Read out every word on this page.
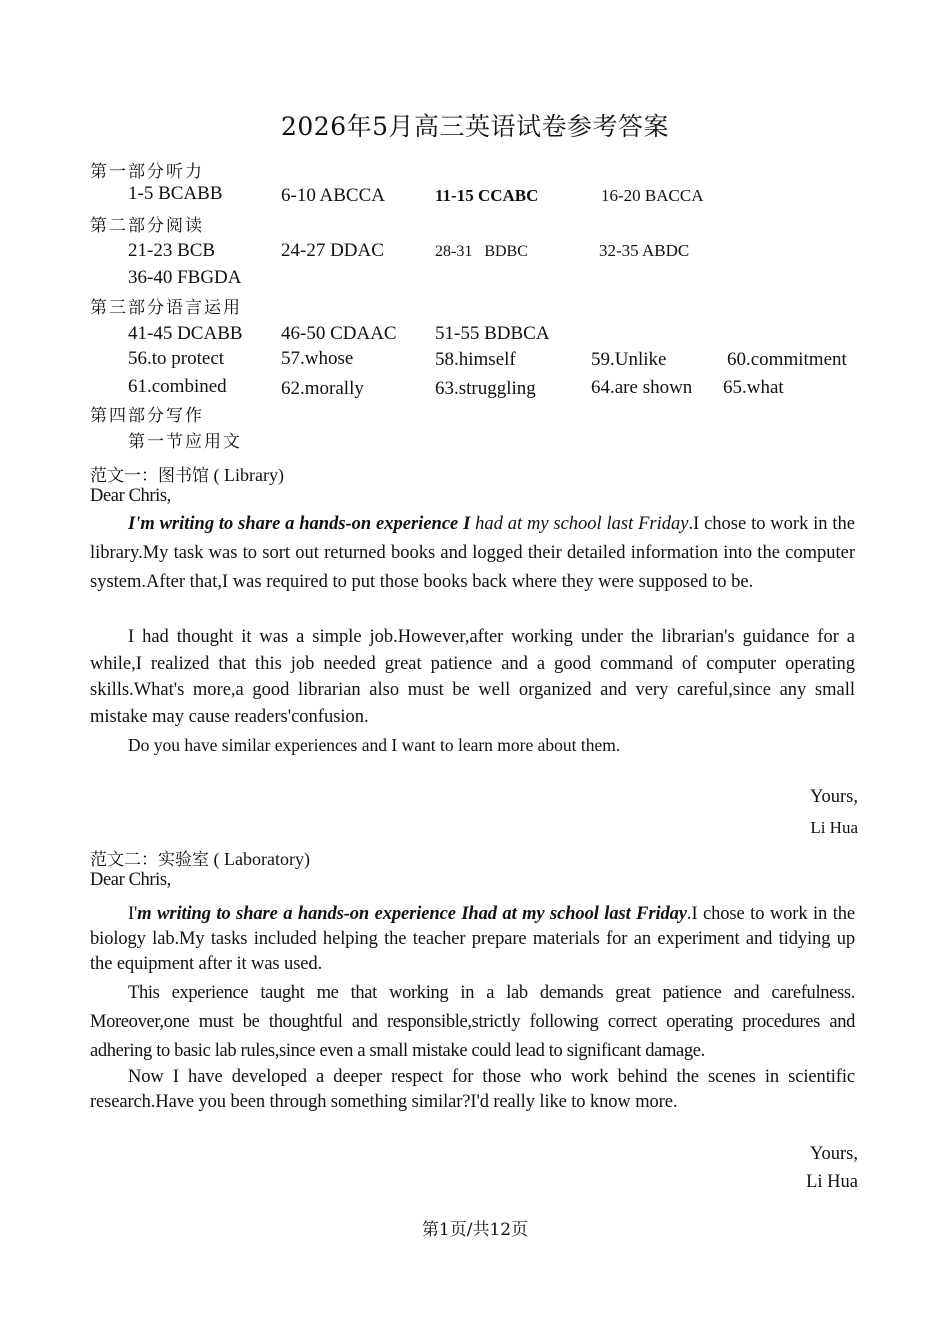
2026年5月高三英语试卷参考答案
第一部分听力
1-5 BCABB	6-10 ABCCA	11-15 CCABC	16-20 BACCA
第二部分阅读
21-23 BCB	24-27 DDAC	28-31 BDBC	32-35 ABDC
36-40 FBGDA
第三部分语言运用
41-45 DCABB 46-50 CDAAC 51-55 BDBCA
56.to protect	57.whose	58.himself	59.Unlike	60.commitment
61.combined	62.morally	63.struggling	64.are shown 65.what
第四部分写作
第一节应用文
范文一：图书馆 ( Library)
Dear Chris,
I'm writing to share a hands-on experience I had at my school last Friday.I chose to work in the library.My task was to sort out returned books and logged their detailed information into the computer system.After that,I was required to put those books back where they were supposed to be.
I had thought it was a simple job.However,after working under the librarian's guidance for a while,I realized that this job needed great patience and a good command of computer operating skills.What's more,a good librarian also must be well organized and very careful,since any small mistake may cause readers'confusion.
Do you have similar experiences and I want to learn more about them.
Yours,
Li Hua
范文二：实验室 ( Laboratory)
Dear Chris,
I'm writing to share a hands-on experience Ihad at my school last Friday.I chose to work in the biology lab.My tasks included helping the teacher prepare materials for an experiment and tidying up the equipment after it was used.
This experience taught me that working in a lab demands great patience and carefulness. Moreover,one must be thoughtful and responsible,strictly following correct operating procedures and adhering to basic lab rules,since even a small mistake could lead to significant damage.
Now I have developed a deeper respect for those who work behind the scenes in scientific research.Have you been through something similar?I'd really like to know more.
Yours,
Li Hua
第1页/共12页
